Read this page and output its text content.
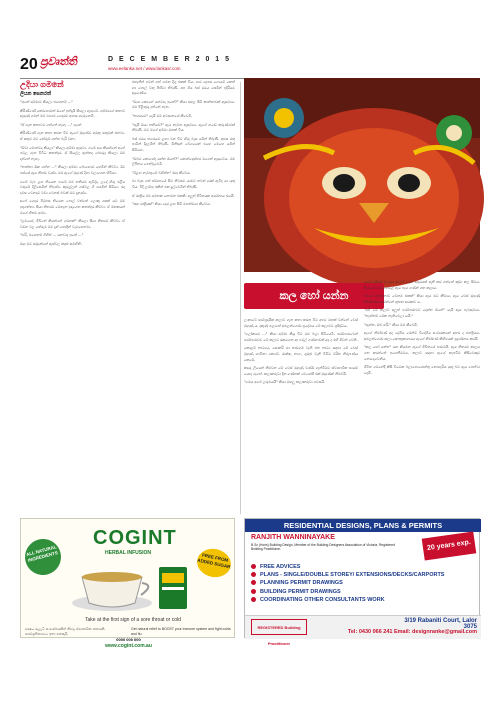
20 ප්‍රවෘත්ති	D E C E M B E R 2 0 1 5
www.eelanka.net / www.lankasr.com
උදියා ගමනේ
ලියන සෙනරත්

"පුතේ අම්මාට කියලා එහෙනම් ..."

කිරිණ්ණේ කෝහොමත් ඔහේ ඉන්දැයි කියලා ඇහුවේ. අම්මාගේ කතාව ඇසුණු ගමන් මම වහාම ගෙදරට ආපසු හැරුනෙමි.

"ඒ ගැන කතාවට ගන්නේ නැහැ ..." පුතේ

කිරිණ්ණේ ගැන කතා කරන විට ඇගේ මුහුණට අමුතු සතුටක් එනවා. ඒ සතුට මට තේරුම් ගන්න බැරි වුනා.

"ඕවා මොනවද කියලා" කියලා අම්මා ඇහුවා. ගමේ අය කියන්නේ අපේ පවුල ගැන විවිධ කතන්දර. ඒ සියල්ල ඇත්තද බොරුද කියලා මම දන්නේ නැහැ.

"තාත්තා ඕක ගන්න ..." කියලා අම්මා බොහොම හෙමින් කිව්වා. ඊට පස්සේ ඇය නිහඬ වුණා. මම ඇගේ මුහුණ දිහා බලාගෙන හිටියා.

ගමේ වැව ළඟ තියෙන පාරේ මම තනියම ඇවිද්දා. උදේ හිරු එළිය වතුරේ දිලිසෙමින් තිබුණා. කුරුල්ලන් ගස්වල ගී ගයමින් සිටියා. එදා දවස වෙනදාට වඩා වෙනස් බවක් මට දැනුණා.

අපේ ගෙදර පිටුපස තියෙන පොල් වත්තේ ලොකු ගසක් යට මම ඉඳගත්තා. සීයා නිතරම මෙතැන ඉඳගෙන කතන්දර කිව්වා. ඒ මතකයන් මගේ හිතට ආවා.

"ළමයෝ, ජීවිතේ කියන්නේ ගමනක්" කියලා සීයා නිතරම කිව්වා. ඒ වචන වල තේරුම මට දැන් හොඳින් වැටහෙනවා.

"හරි, එහෙනම් ගිහින් ... යනවාද පුතේ ..."

ඔහු මට සමුදුන්නේ ඇස්වල කඳුළු සමඟිනි.

එතැනින් පටන් ගත් ගමන දිගු එකක් විය. පාර දෙපස ගොයම් කෙත් හා පොල් වතු පිහිටා තිබුණි. අප ගිය බස් රථය සෙමින් ඉදිරියට ඇදුණේය.

"ඔයා කොහේ යනවාද පුතේ?" කියා අසල සිටි කාන්තාවක් ඇසුවාය. මම පිළිතුරු දුන්නේ නැත.

"නගරයට" යැයි මම අවසානයේ කීවෙමි.

"ඇයි ඔයා තනියම?" ඇය නැවත ඇසුවාය. ඇගේ හඬේ කරුණාවක් තිබුණි. මට මගේ අම්මා මතක් විය.

බස් රථය නගරයට ළඟා වන විට හිරු බැස යමින් තිබුණි. අහස රතු පාටින් දිදුලමින් තිබුණි. මිනිසුන් වේගයෙන් එහෙ මෙහෙ යමින් සිටියහ.

"ඔබට කොහේද යන්න ඕනේ?" කොන්දොස්තර මගෙන් ඇසුවේය. මම ලිපිනය පෙන්වූවෙමි.

"ඊළඟ නැවතුමේ බහින්න" ඔහු කීවේය.

මා බැස ගත් ස්ථානයේ සිට නිවසට යාමට තවත් දුරක් ඇවිද යා යුතු විය. වීදි ලාම්පු එකින් එක දැල්වෙමින් තිබුණි.

ඒ රාත්‍රිය මට අමතක නොවන එකකි. අලුත් ජීවිතයක ආරම්භය එයයි.

"සුභ රාත්‍රියක්" කියා දොර ළඟ සිටි මහත්මයා කීවේය.

කල හෝ යන්න

ලංකාවේ සාම්ප්‍රදායික කලාව ගැන කතා කරන විට අපට මතක් වන්නේ වෙස් මුහුණු ය. දකුණු පළාතේ අඹලන්ගොඩ ප්‍රදේශය මේ කලාවට ප්‍රසිද්ධය.

"ලෝකයට ..." කියා අම්මා කියූ විට මම බලා සිටියෙමි. පරම්පරාවෙන් පරම්පරාවට මේ කලාව රැකගෙන ආ පවුල් ගණනාවක් අද ද එහි ජීවත් වෙති.

කොළම් නාට්‍යය, සොකරි හා නාඩගම් වැනි ජන නාට්‍ය සඳහා මේ වෙස් මුහුණු භාවිතා කෙරේ. රාක්ෂ, නාග, ගුරුළු වැනි විවිධ චරිත නිරූපණය කෙරේ.

කදුරු ලීයෙන් නිමවන මේ වෙස් මුහුණු වර්ණ ගැන්වීමට ස්වාභාවික සායම් යොදා ගැනේ. කලාකරුවා දින ගණනක් වෙහෙසී එක් මුහුණක් නිමවයි.

"මෙය අපේ උරුමයයි" කියා මහලු කලාකරුවා පවසයි.

ගමේ දැරියක් වූ ඇය කලාව ගැන ආදරයක් ඇති කර ගත්තේ කුඩා කල සිටය. සීයාගේ වැඩපොළේ ඇය පැය ගණන් ගත කළාය.

"මගේ කල්පනාව වෙනම එකක්" කියා ඇය මට කීවාය. ඇය වෙස් මුහුණු නිර්මාණය කරන්නේ නූතන ආරකට ය.

"අපි මේ කලාව අලුත් පරම්පරාවට දෙන්න ඕනේ" යැයි ඇය පැවසුවාය. "නැත්නම් මේක නැතිවෙලා යයි."

"ඇත්ත. ඔබ හරි." කියා මම කීවෙමි.

ඇගේ නිර්මාණ අද දේශීය මෙන්ම විදේශීය සංචාරකයන් අතර ද ජනප්‍රියය. අඹලන්ගොඩ කලා කෞතුකාගාරය ඇගේ නිර්මාණ කිහිපයක් ප්‍රදර්ශනය කරයි.

"කල හෝ යන්න" යන කියමන ඇගේ ජීවිතයේ පාඩමයි. ඇය නිතරම කාලය ගත කරන්නේ ඉගෙනීමටය. කලාව සඳහා ඇගේ කැපවීම කිසිවෙකුට නොදෙවෙනිය.

ජීවිත ගමනේදී කිසි විටෙක බලාපොරොත්තු නොහැරිය යුතු බව ඇය පෙන්වා දෙයි.

ALL NATURAL INGREDIENTS
COGINT
HERBAL INFUSION	FREE FROM ADDED SUGAR
Take at the first sign of a sore throat or cold
ඖෂධ පැළෑටි සංයෝගයකින් නිමවූ ස්වාභාවික පානයකි. සෙම්ප්‍රතිශ්‍යාවට ඉතා හොඳයි.
Get natural relief to BOOST your immune system and fight colds and flu.
0000 000 000
www.cogint.com.au
RESIDENTIAL DESIGNS, PLANS & PERMITS
RANJITH WANNINAYAKE
B.Sc (Hons) Building Design, Member of the Building Designers Association of Victoria. Registered Building Practitioner.	20 years exp.
FREE ADVICES
PLANS - SINGLE/DOUBLE STOREY/ EXTENSIONS/DECKS/CARPORTS
PLANNING PERMIT DRAWINGS
BUILDING PERMIT DRAWINGS
COORDINATING OTHER CONSULTANTS WORK
REGISTERED Building Practitioner
3/19 Rabaniti Court, Lalor 3075
Tel: 0430 066 241 Email: designranke@gmail.com
